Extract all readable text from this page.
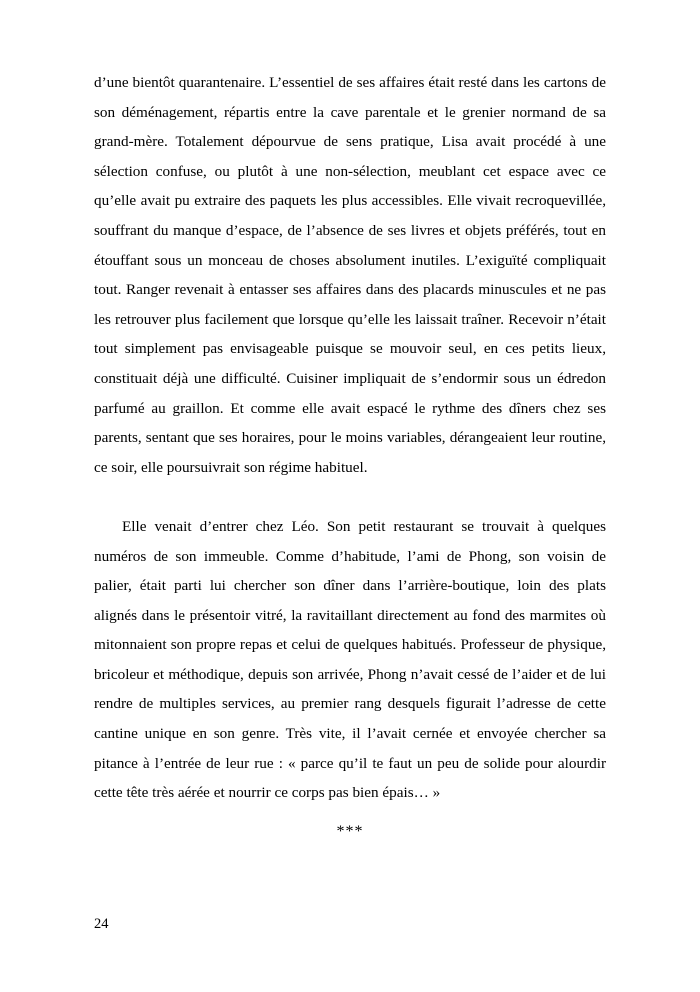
d’une bientôt quarantenaire. L’essentiel de ses affaires était resté dans les cartons de son déménagement, répartis entre la cave parentale et le grenier normand de sa grand-mère. Totalement dépourvue de sens pratique, Lisa avait procédé à une sélection confuse, ou plutôt à une non-sélection, meublant cet espace avec ce qu’elle avait pu extraire des paquets les plus accessibles. Elle vivait recroquevillée, souffrant du manque d’espace, de l’absence de ses livres et objets préférés, tout en étouffant sous un monceau de choses absolument inutiles. L’exiguïté compliquait tout. Ranger revenait à entasser ses affaires dans des placards minuscules et ne pas les retrouver plus facilement que lorsque qu’elle les laissait traîner. Recevoir n’était tout simplement pas envisageable puisque se mouvoir seul, en ces petits lieux, constituait déjà une difficulté. Cuisiner impliquait de s’endormir sous un édredon parfumé au graillon. Et comme elle avait espacé le rythme des dîners chez ses parents, sentant que ses horaires, pour le moins variables, dérangeaient leur routine, ce soir, elle poursuivrait son régime habituel.

Elle venait d’entrer chez Léo. Son petit restaurant se trouvait à quelques numéros de son immeuble. Comme d’habitude, l’ami de Phong, son voisin de palier, était parti lui chercher son dîner dans l’arrière-boutique, loin des plats alignés dans le présentoir vitré, la ravitaillant directement au fond des marmites où mitonnaient son propre repas et celui de quelques habitués. Professeur de physique, bricoleur et méthodique, depuis son arrivée, Phong n’avait cessé de l’aider et de lui rendre de multiples services, au premier rang desquels figurait l’adresse de cette cantine unique en son genre. Très vite, il l’avait cernée et envoyée chercher sa pitance à l’entrée de leur rue : « parce qu’il te faut un peu de solide pour alourdir cette tête très aérée et nourrir ce corps pas bien épais… »

***
24
